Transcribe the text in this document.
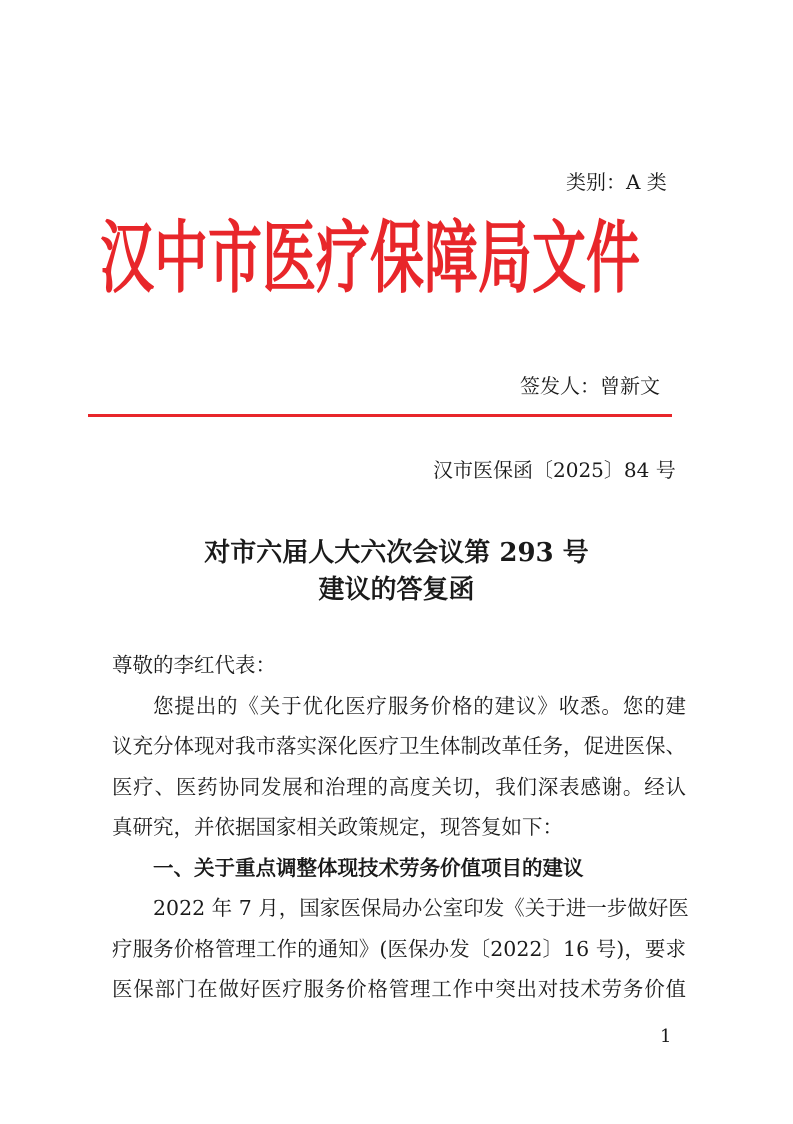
类别：A 类
汉中市医疗保障局文件
签发人：曾新文
汉市医保函〔2025〕84 号
对市六届人大六次会议第 293 号
建议的答复函
尊敬的李红代表：
您提出的《关于优化医疗服务价格的建议》收悉。您的建
议充分体现对我市落实深化医疗卫生体制改革任务，促进医保、
医疗、医药协同发展和治理的高度关切，我们深表感谢。经认
真研究，并依据国家相关政策规定，现答复如下：
一、关于重点调整体现技术劳务价值项目的建议
2022 年 7 月，国家医保局办公室印发《关于进一步做好医
疗服务价格管理工作的通知》(医保办发〔2022〕16 号)，要求
医保部门在做好医疗服务价格管理工作中突出对技术劳务价值
1
